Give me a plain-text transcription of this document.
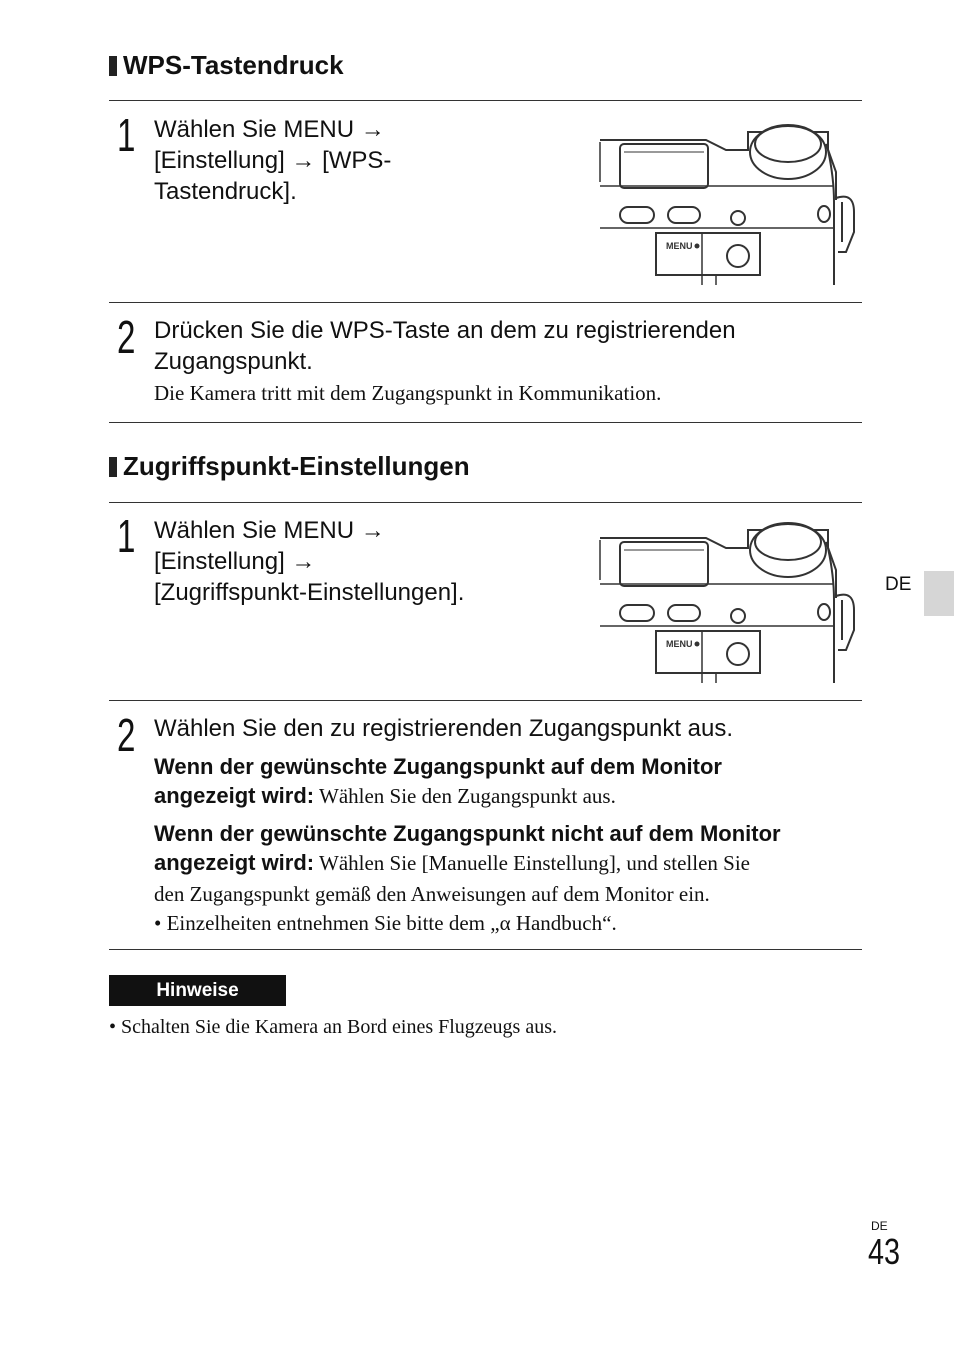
WPS-Tastendruck
1 Wählen Sie MENU →
[Einstellung] → [WPS-
Tastendruck].
MENU
2 Drücken Sie die WPS-Taste an dem zu registrierenden
Zugangspunkt.
Die Kamera tritt mit dem Zugangspunkt in Kommunikation.
Zugriffspunkt-Einstellungen
1 Wählen Sie MENU →
[Einstellung] →
[Zugriffspunkt-Einstellungen].
MENU
2 Wählen Sie den zu registrierenden Zugangspunkt aus.
Wenn der gewünschte Zugangspunkt auf dem Monitor
angezeigt wird: Wählen Sie den Zugangspunkt aus.
Wenn der gewünschte Zugangspunkt nicht auf dem Monitor
angezeigt wird: Wählen Sie [Manuelle Einstellung], und stellen Sie
den Zugangspunkt gemäß den Anweisungen auf dem Monitor ein.
• Einzelheiten entnehmen Sie bitte dem „α Handbuch“.
Hinweise
• Schalten Sie die Kamera an Bord eines Flugzeugs aus.
DE
DE
43
